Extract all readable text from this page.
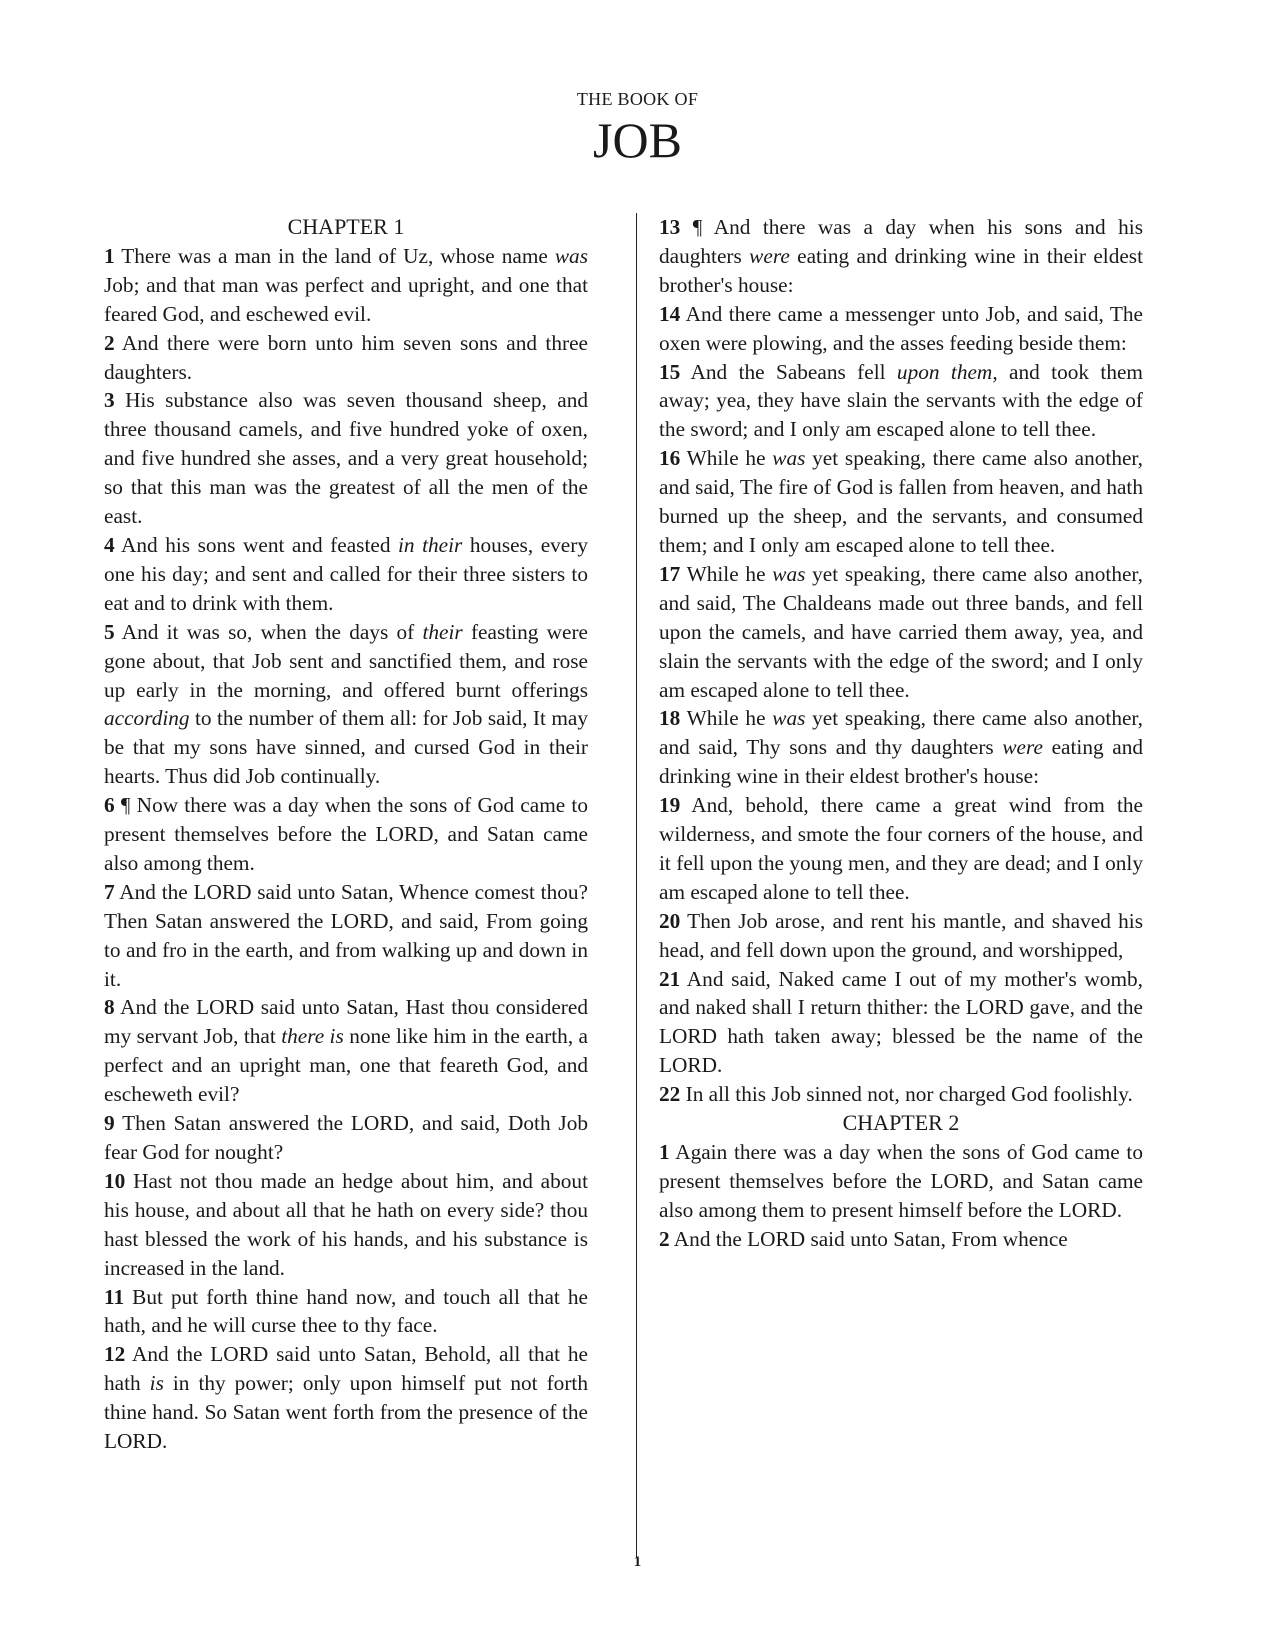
THE BOOK OF
JOB
CHAPTER 1

1 There was a man in the land of Uz, whose name was Job; and that man was perfect and upright, and one that feared God, and eschewed evil.

2 And there were born unto him seven sons and three daughters.

3 His substance also was seven thousand sheep, and three thousand camels, and five hundred yoke of oxen, and five hundred she asses, and a very great household; so that this man was the greatest of all the men of the east.

4 And his sons went and feasted in their houses, every one his day; and sent and called for their three sisters to eat and to drink with them.

5 And it was so, when the days of their feasting were gone about, that Job sent and sanctified them, and rose up early in the morning, and offered burnt offerings according to the number of them all: for Job said, It may be that my sons have sinned, and cursed God in their hearts. Thus did Job continually.

6 ¶ Now there was a day when the sons of God came to present themselves before the LORD, and Satan came also among them.

7 And the LORD said unto Satan, Whence comest thou? Then Satan answered the LORD, and said, From going to and fro in the earth, and from walking up and down in it.

8 And the LORD said unto Satan, Hast thou considered my servant Job, that there is none like him in the earth, a perfect and an upright man, one that feareth God, and escheweth evil?

9 Then Satan answered the LORD, and said, Doth Job fear God for nought?

10 Hast not thou made an hedge about him, and about his house, and about all that he hath on every side? thou hast blessed the work of his hands, and his substance is increased in the land.

11 But put forth thine hand now, and touch all that he hath, and he will curse thee to thy face.

12 And the LORD said unto Satan, Behold, all that he hath is in thy power; only upon himself put not forth thine hand. So Satan went forth from the presence of the LORD.

13 ¶ And there was a day when his sons and his daughters were eating and drinking wine in their eldest brother's house:

14 And there came a messenger unto Job, and said, The oxen were plowing, and the asses feeding beside them:

15 And the Sabeans fell upon them, and took them away; yea, they have slain the servants with the edge of the sword; and I only am escaped alone to tell thee.

16 While he was yet speaking, there came also another, and said, The fire of God is fallen from heaven, and hath burned up the sheep, and the servants, and consumed them; and I only am escaped alone to tell thee.

17 While he was yet speaking, there came also another, and said, The Chaldeans made out three bands, and fell upon the camels, and have carried them away, yea, and slain the servants with the edge of the sword; and I only am escaped alone to tell thee.

18 While he was yet speaking, there came also another, and said, Thy sons and thy daughters were eating and drinking wine in their eldest brother's house:

19 And, behold, there came a great wind from the wilderness, and smote the four corners of the house, and it fell upon the young men, and they are dead; and I only am escaped alone to tell thee.

20 Then Job arose, and rent his mantle, and shaved his head, and fell down upon the ground, and worshipped,

21 And said, Naked came I out of my mother's womb, and naked shall I return thither: the LORD gave, and the LORD hath taken away; blessed be the name of the LORD.

22 In all this Job sinned not, nor charged God foolishly.

CHAPTER 2

1 Again there was a day when the sons of God came to present themselves before the LORD, and Satan came also among them to present himself before the LORD.

2 And the LORD said unto Satan, From whence

1
